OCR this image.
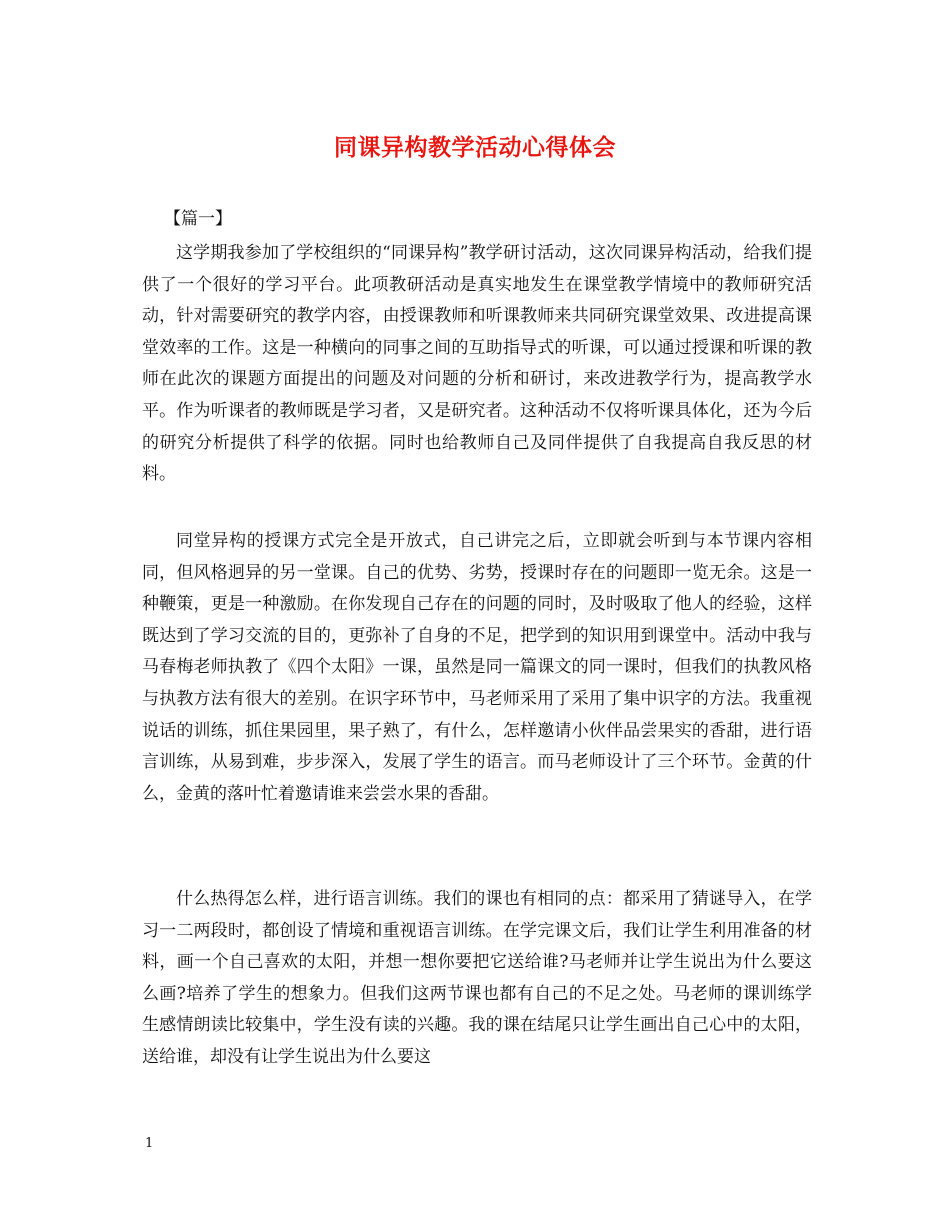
同课异构教学活动心得体会
【篇一】

这学期我参加了学校组织的“同课异构”教学研讨活动，这次同课异构活动，给我们提供了一个很好的学习平台。此项教研活动是真实地发生在课堂教学情境中的教师研究活动，针对需要研究的教学内容，由授课教师和听课教师来共同研究课堂效果、改进提高课堂效率的工作。这是一种横向的同事之间的互助指导式的听课，可以通过授课和听课的教师在此次的课题方面提出的问题及对问题的分析和研讨，来改进教学行为，提高教学水平。作为听课者的教师既是学习者，又是研究者。这种活动不仅将听课具体化，还为今后的研究分析提供了科学的依据。同时也给教师自己及同伴提供了自我提高自我反思的材料。

同堂异构的授课方式完全是开放式，自己讲完之后，立即就会听到与本节课内容相同，但风格迥异的另一堂课。自己的优势、劣势，授课时存在的问题即一览无余。这是一种鞭策，更是一种激励。在你发现自己存在的问题的同时，及时吸取了他人的经验，这样既达到了学习交流的目的，更弥补了自身的不足，把学到的知识用到课堂中。活动中我与马春梅老师执教了《四个太阳》一课，虽然是同一篇课文的同一课时，但我们的执教风格与执教方法有很大的差别。在识字环节中，马老师采用了采用了集中识字的方法。我重视说话的训练，抓住果园里，果子熟了，有什么，怎样邀请小伙伴品尝果实的香甜，进行语言训练，从易到难，步步深入，发展了学生的语言。而马老师设计了三个环节。金黄的什么，金黄的落叶忙着邀请谁来尝尝水果的香甜。

什么热得怎么样，进行语言训练。我们的课也有相同的点：都采用了猜谜导入，在学习一二两段时，都创设了情境和重视语言训练。在学完课文后，我们让学生利用准备的材料，画一个自己喜欢的太阳，并想一想你要把它送给谁?马老师并让学生说出为什么要这么画?培养了学生的想象力。但我们这两节课也都有自己的不足之处。马老师的课训练学生感情朗读比较集中，学生没有读的兴趣。我的课在结尾只让学生画出自己心中的太阳，送给谁，却没有让学生说出为什么要这

1
